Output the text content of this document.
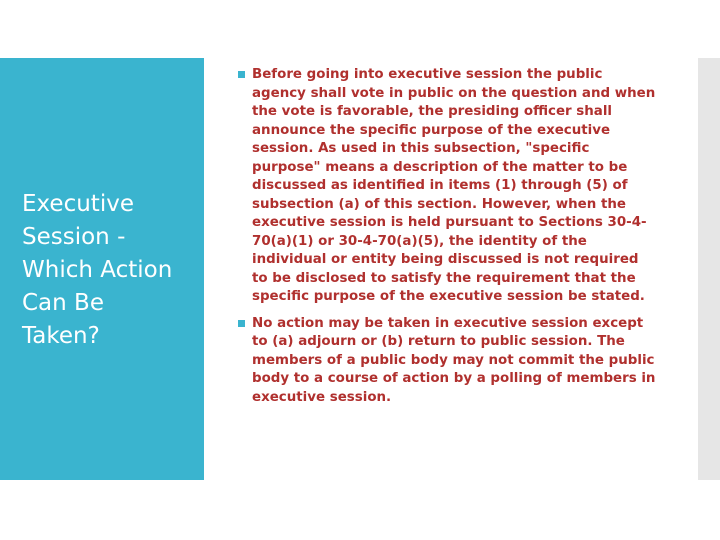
Executive
Session -
Which Action
Can Be
Taken?
Before going into executive session the public agency shall vote in public on the question and when the vote is favorable, the presiding officer shall announce the specific purpose of the executive session. As used in this subsection, "specific purpose" means a description of the matter to be discussed as identified in items (1) through (5) of subsection (a) of this section. However, when the executive session is held pursuant to Sections 30-4-70(a)(1) or 30-4-70(a)(5), the identity of the individual or entity being discussed is not required to be disclosed to satisfy the requirement that the specific purpose of the executive session be stated.
No action may be taken in executive session except to (a) adjourn or (b) return to public session. The members of a public body may not commit the public body to a course of action by a polling of members in executive session.
